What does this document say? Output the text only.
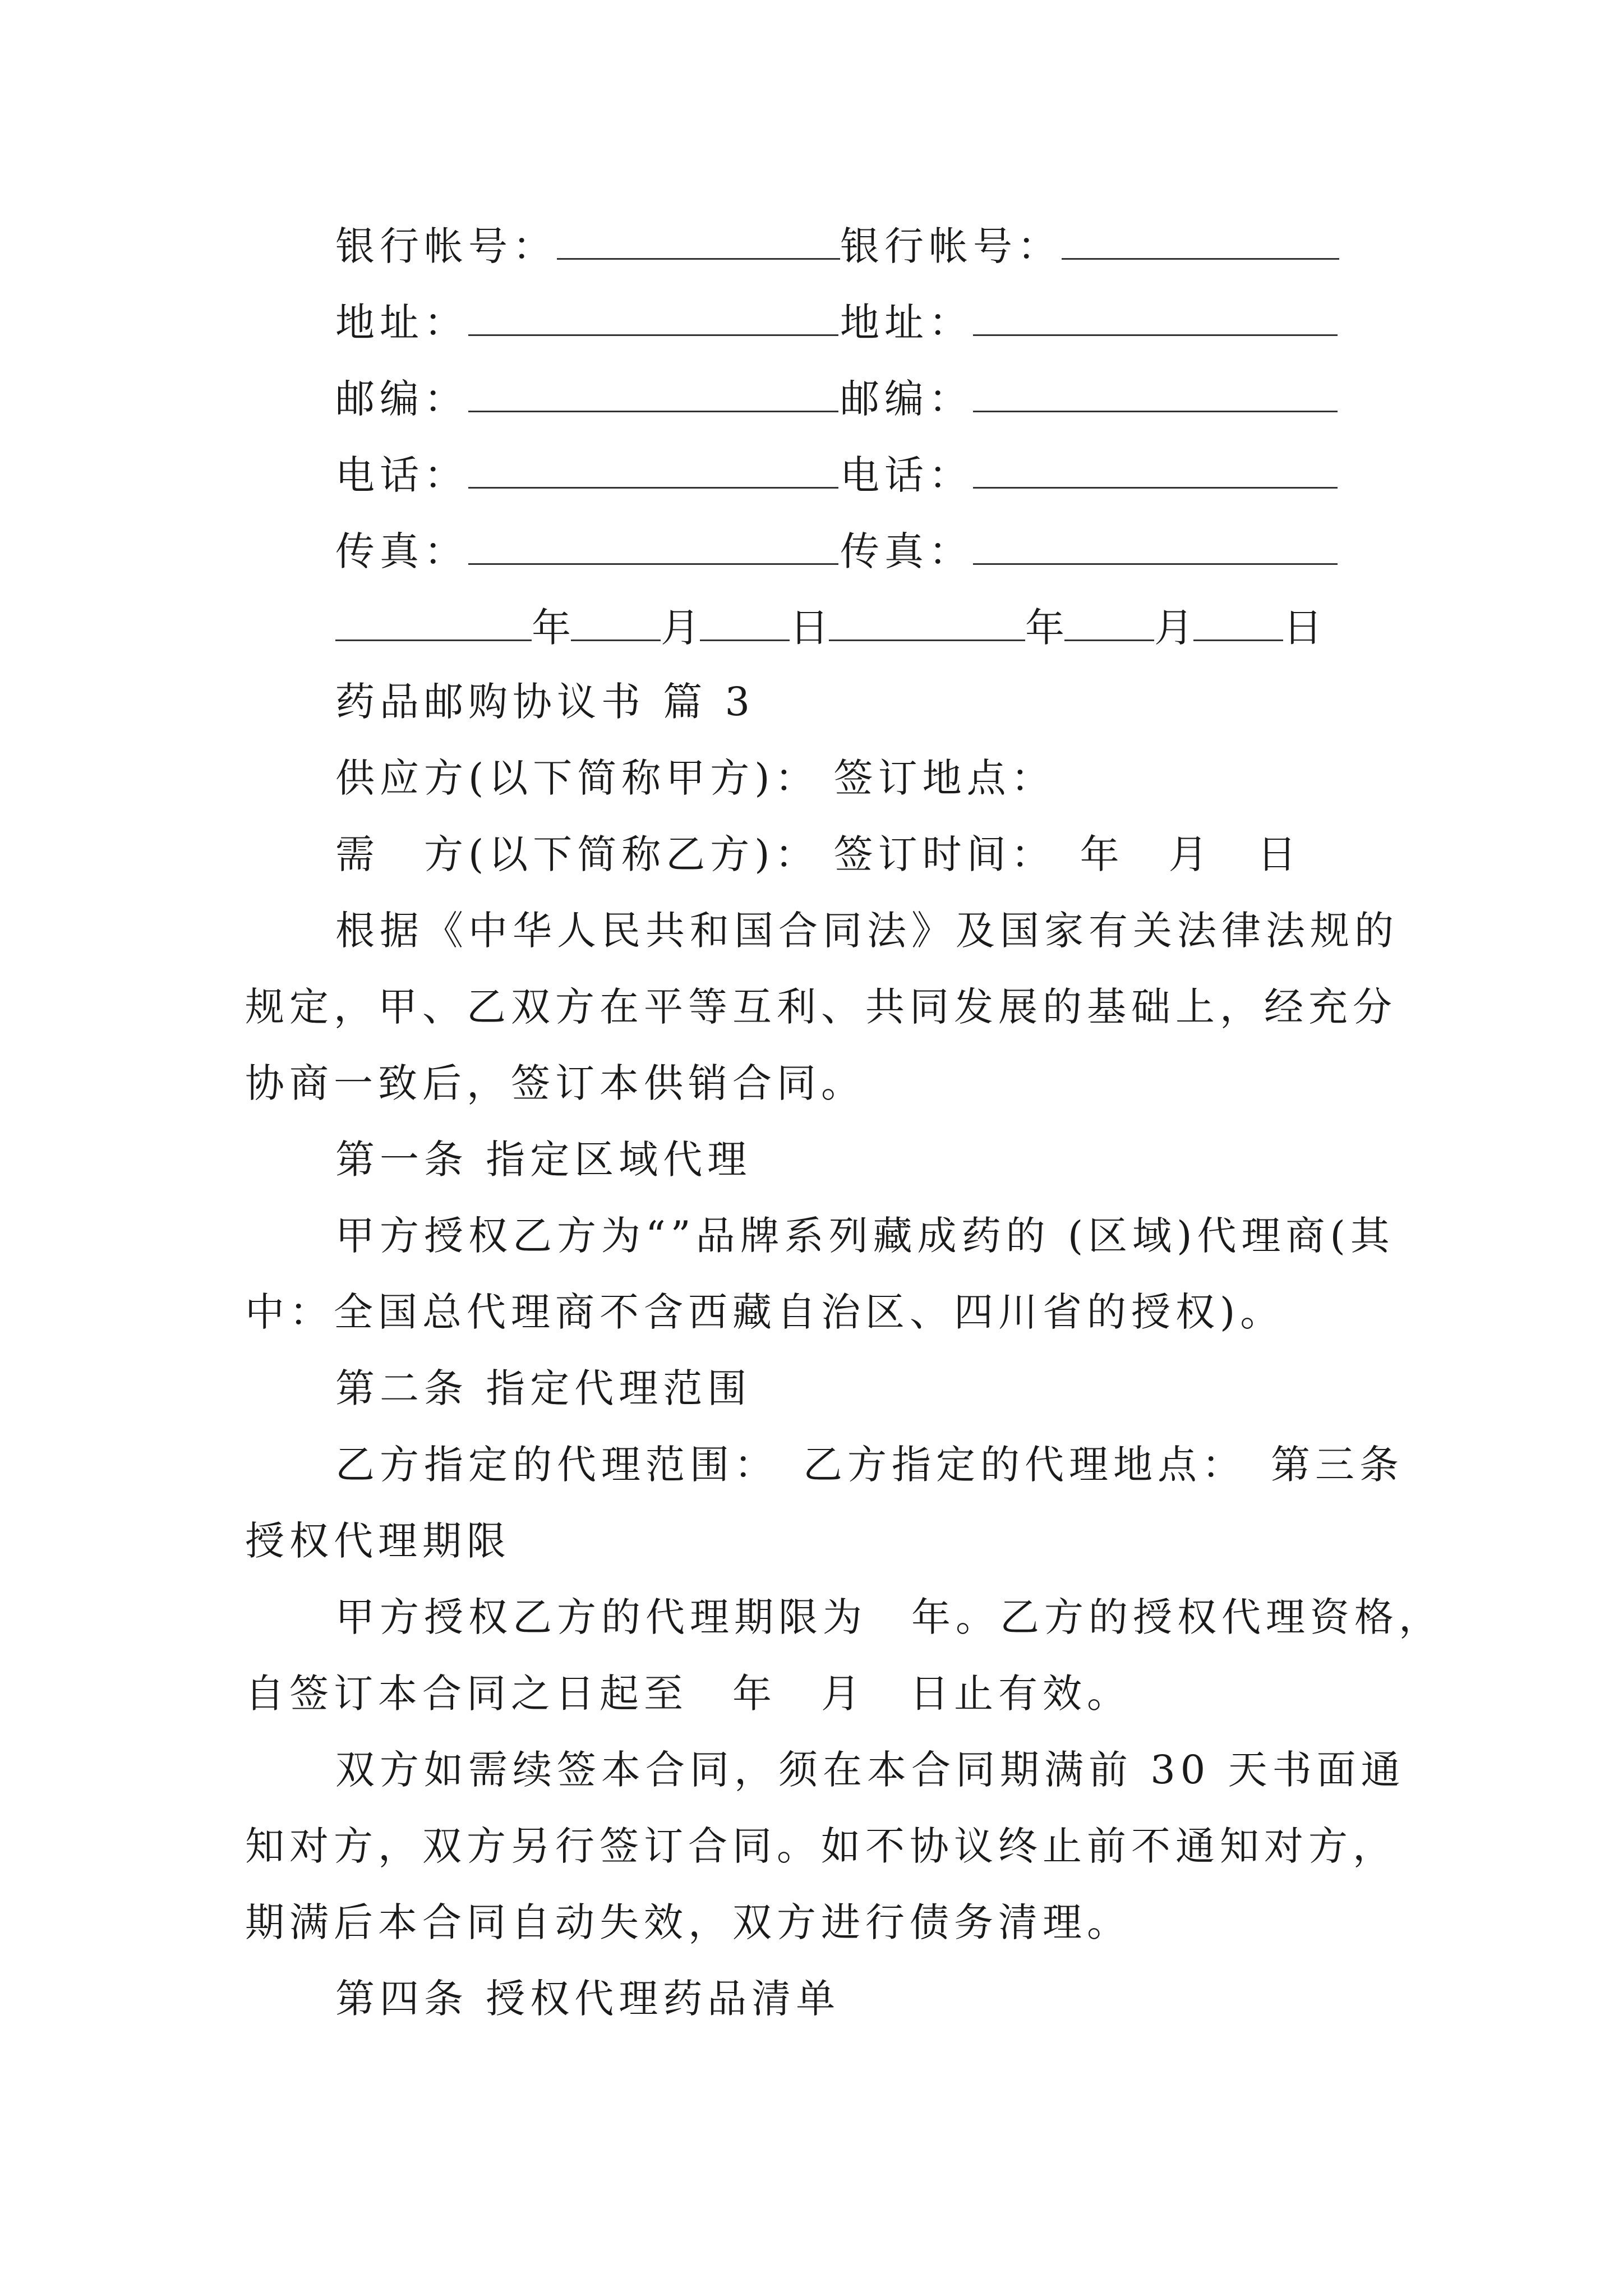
银行帐号：	银行帐号：
地址：	地址：
邮编：	邮编：
电话：	电话：
传真：	传真：
年 月 日	年 月 日
药品邮购协议书 篇 3
供应方(以下简称甲方)： 签订地点：
需　方(以下简称乙方)： 签订时间：　年　月　日
根据《中华人民共和国合同法》及国家有关法律法规的
规定，甲、乙双方在平等互利、共同发展的基础上，经充分
协商一致后，签订本供销合同。
第一条 指定区域代理
甲方授权乙方为“”品牌系列藏成药的 (区域)代理商(其
中：全国总代理商不含西藏自治区、四川省的授权)。
第二条 指定代理范围
乙方指定的代理范围：　乙方指定的代理地点：　第三条
授权代理期限
甲方授权乙方的代理期限为　年。乙方的授权代理资格，
自签订本合同之日起至　年　月　日止有效。
双方如需续签本合同，须在本合同期满前 30 天书面通
知对方，双方另行签订合同。如不协议终止前不通知对方，
期满后本合同自动失效，双方进行债务清理。
第四条 授权代理药品清单
